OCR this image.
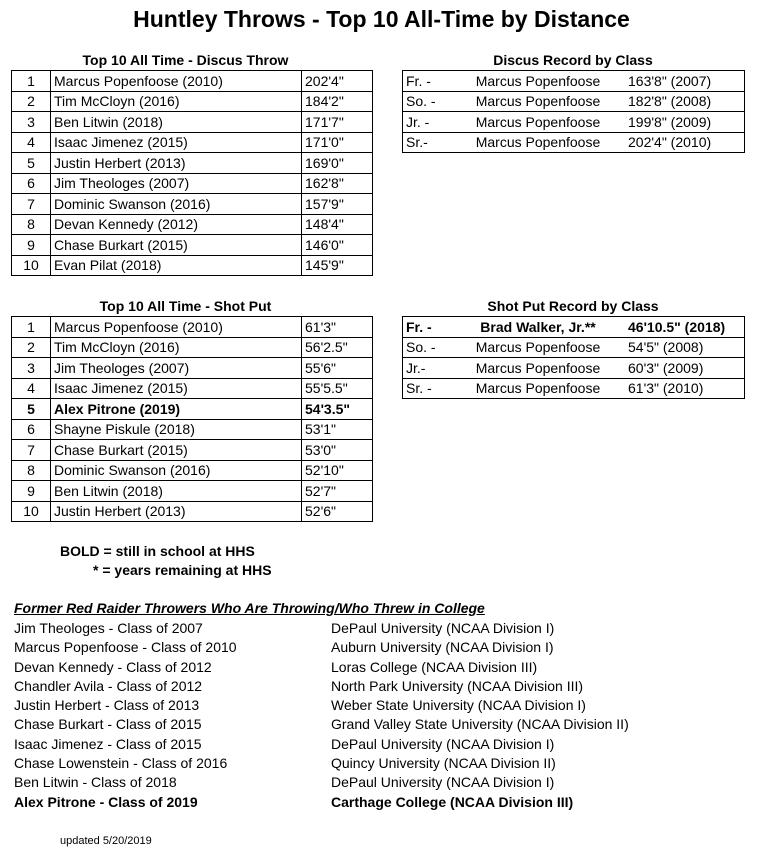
Huntley Throws - Top 10 All-Time by Distance
Top 10 All Time - Discus Throw
1	Marcus Popenfoose (2010)	202'4"
2	Tim McCloyn (2016)	184'2"
3	Ben Litwin (2018)	171'7"
4	Isaac Jimenez (2015)	171'0"
5	Justin Herbert (2013)	169'0"
6	Jim Theologes (2007)	162'8"
7	Dominic Swanson (2016)	157'9"
8	Devan Kennedy (2012)	148'4"
9	Chase Burkart (2015)	146'0"
10	Evan Pilat (2018)	145'9"
Discus Record by Class
Fr. -	Marcus Popenfoose	163'8" (2007)
So. -	Marcus Popenfoose	182'8" (2008)
Jr. -	Marcus Popenfoose	199'8" (2009)
Sr.-	Marcus Popenfoose	202'4" (2010)
Top 10 All Time - Shot Put
1	Marcus Popenfoose (2010)	61'3"
2	Tim McCloyn (2016)	56'2.5"
3	Jim Theologes (2007)	55'6"
4	Isaac Jimenez (2015)	55'5.5"
5	Alex Pitrone (2019)	54'3.5"
6	Shayne Piskule (2018)	53'1"
7	Chase Burkart (2015)	53'0"
8	Dominic Swanson (2016)	52'10"
9	Ben Litwin (2018)	52'7"
10	Justin Herbert (2013)	52'6"
Shot Put Record by Class
Fr. -	Brad Walker, Jr.**	46'10.5" (2018)
So. -	Marcus Popenfoose	54'5" (2008)
Jr.-	Marcus Popenfoose	60'3" (2009)
Sr. -	Marcus Popenfoose	61'3" (2010)
BOLD = still in school at HHS
* = years remaining at HHS
Former Red Raider Throwers Who Are Throwing/Who Threw in College
Jim Theologes - Class of 2007	DePaul University (NCAA Division I)
Marcus Popenfoose - Class of 2010	Auburn University (NCAA Division I)
Devan Kennedy - Class of 2012	Loras College (NCAA Division III)
Chandler Avila - Class of 2012	North Park University (NCAA Division III)
Justin Herbert - Class of 2013	Weber State University (NCAA Division I)
Chase Burkart - Class of 2015	Grand Valley State University (NCAA Division II)
Isaac Jimenez - Class of 2015	DePaul University (NCAA Division I)
Chase Lowenstein - Class of 2016	Quincy University (NCAA Division II)
Ben Litwin - Class of 2018	DePaul University (NCAA Division I)
Alex Pitrone - Class of 2019	Carthage College (NCAA Division III)
updated 5/20/2019
